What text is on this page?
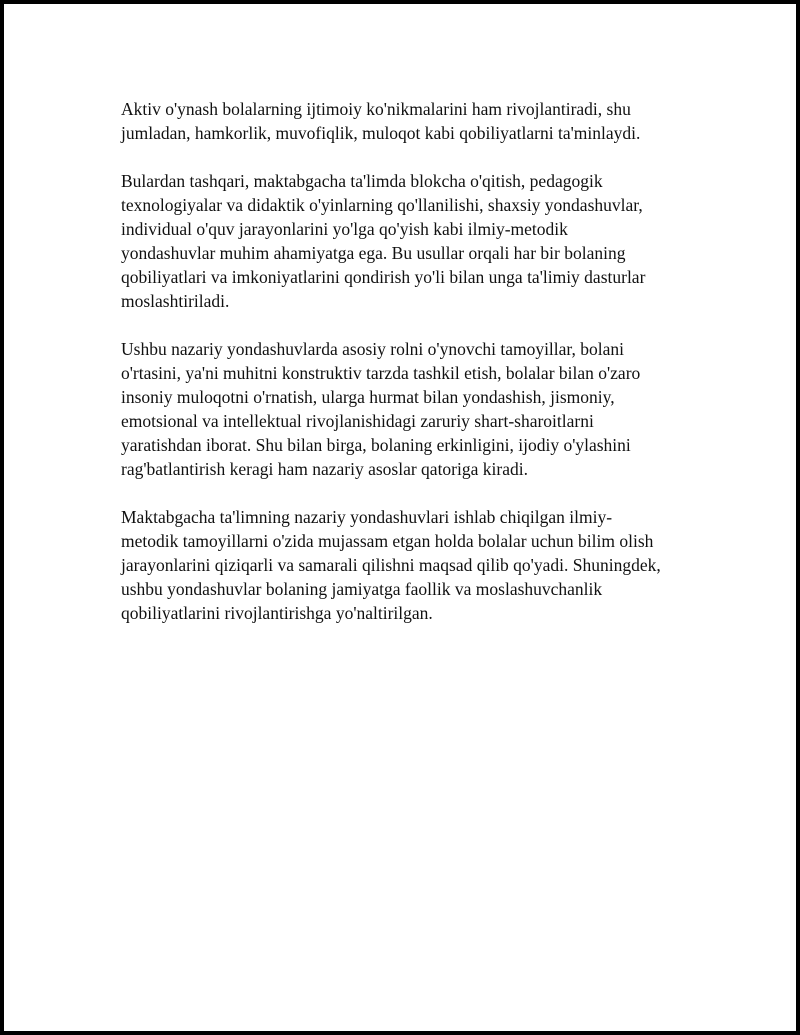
Aktiv o'ynash bolalarning ijtimoiy ko'nikmalarini ham rivojlantiradi, shu
jumladan, hamkorlik, muvofiqlik, muloqot kabi qobiliyatlarni ta'minlaydi.

Bulardan tashqari, maktabgacha ta'limda blokcha o'qitish, pedagogik
texnologiyalar va didaktik o'yinlarning qo'llanilishi, shaxsiy yondashuvlar,
individual o'quv jarayonlarini yo'lga qo'yish kabi ilmiy-metodik
yondashuvlar muhim ahamiyatga ega. Bu usullar orqali har bir bolaning
qobiliyatlari va imkoniyatlarini qondirish yo'li bilan unga ta'limiy dasturlar
moslashtiriladi.

Ushbu nazariy yondashuvlarda asosiy rolni o'ynovchi tamoyillar, bolani
o'rtasini, ya'ni muhitni konstruktiv tarzda tashkil etish, bolalar bilan o'zaro
insoniy muloqotni o'rnatish, ularga hurmat bilan yondashish, jismoniy,
emotsional va intellektual rivojlanishidagi zaruriy shart-sharoitlarni
yaratishdan iborat. Shu bilan birga, bolaning erkinligini, ijodiy o'ylashini
rag'batlantirish keragi ham nazariy asoslar qatoriga kiradi.

Maktabgacha ta'limning nazariy yondashuvlari ishlab chiqilgan ilmiy-
metodik tamoyillarni o'zida mujassam etgan holda bolalar uchun bilim olish
jarayonlarini qiziqarli va samarali qilishni maqsad qilib qo'yadi. Shuningdek,
ushbu yondashuvlar bolaning jamiyatga faollik va moslashuvchanlik
qobiliyatlarini rivojlantirishga yo'naltirilgan.
